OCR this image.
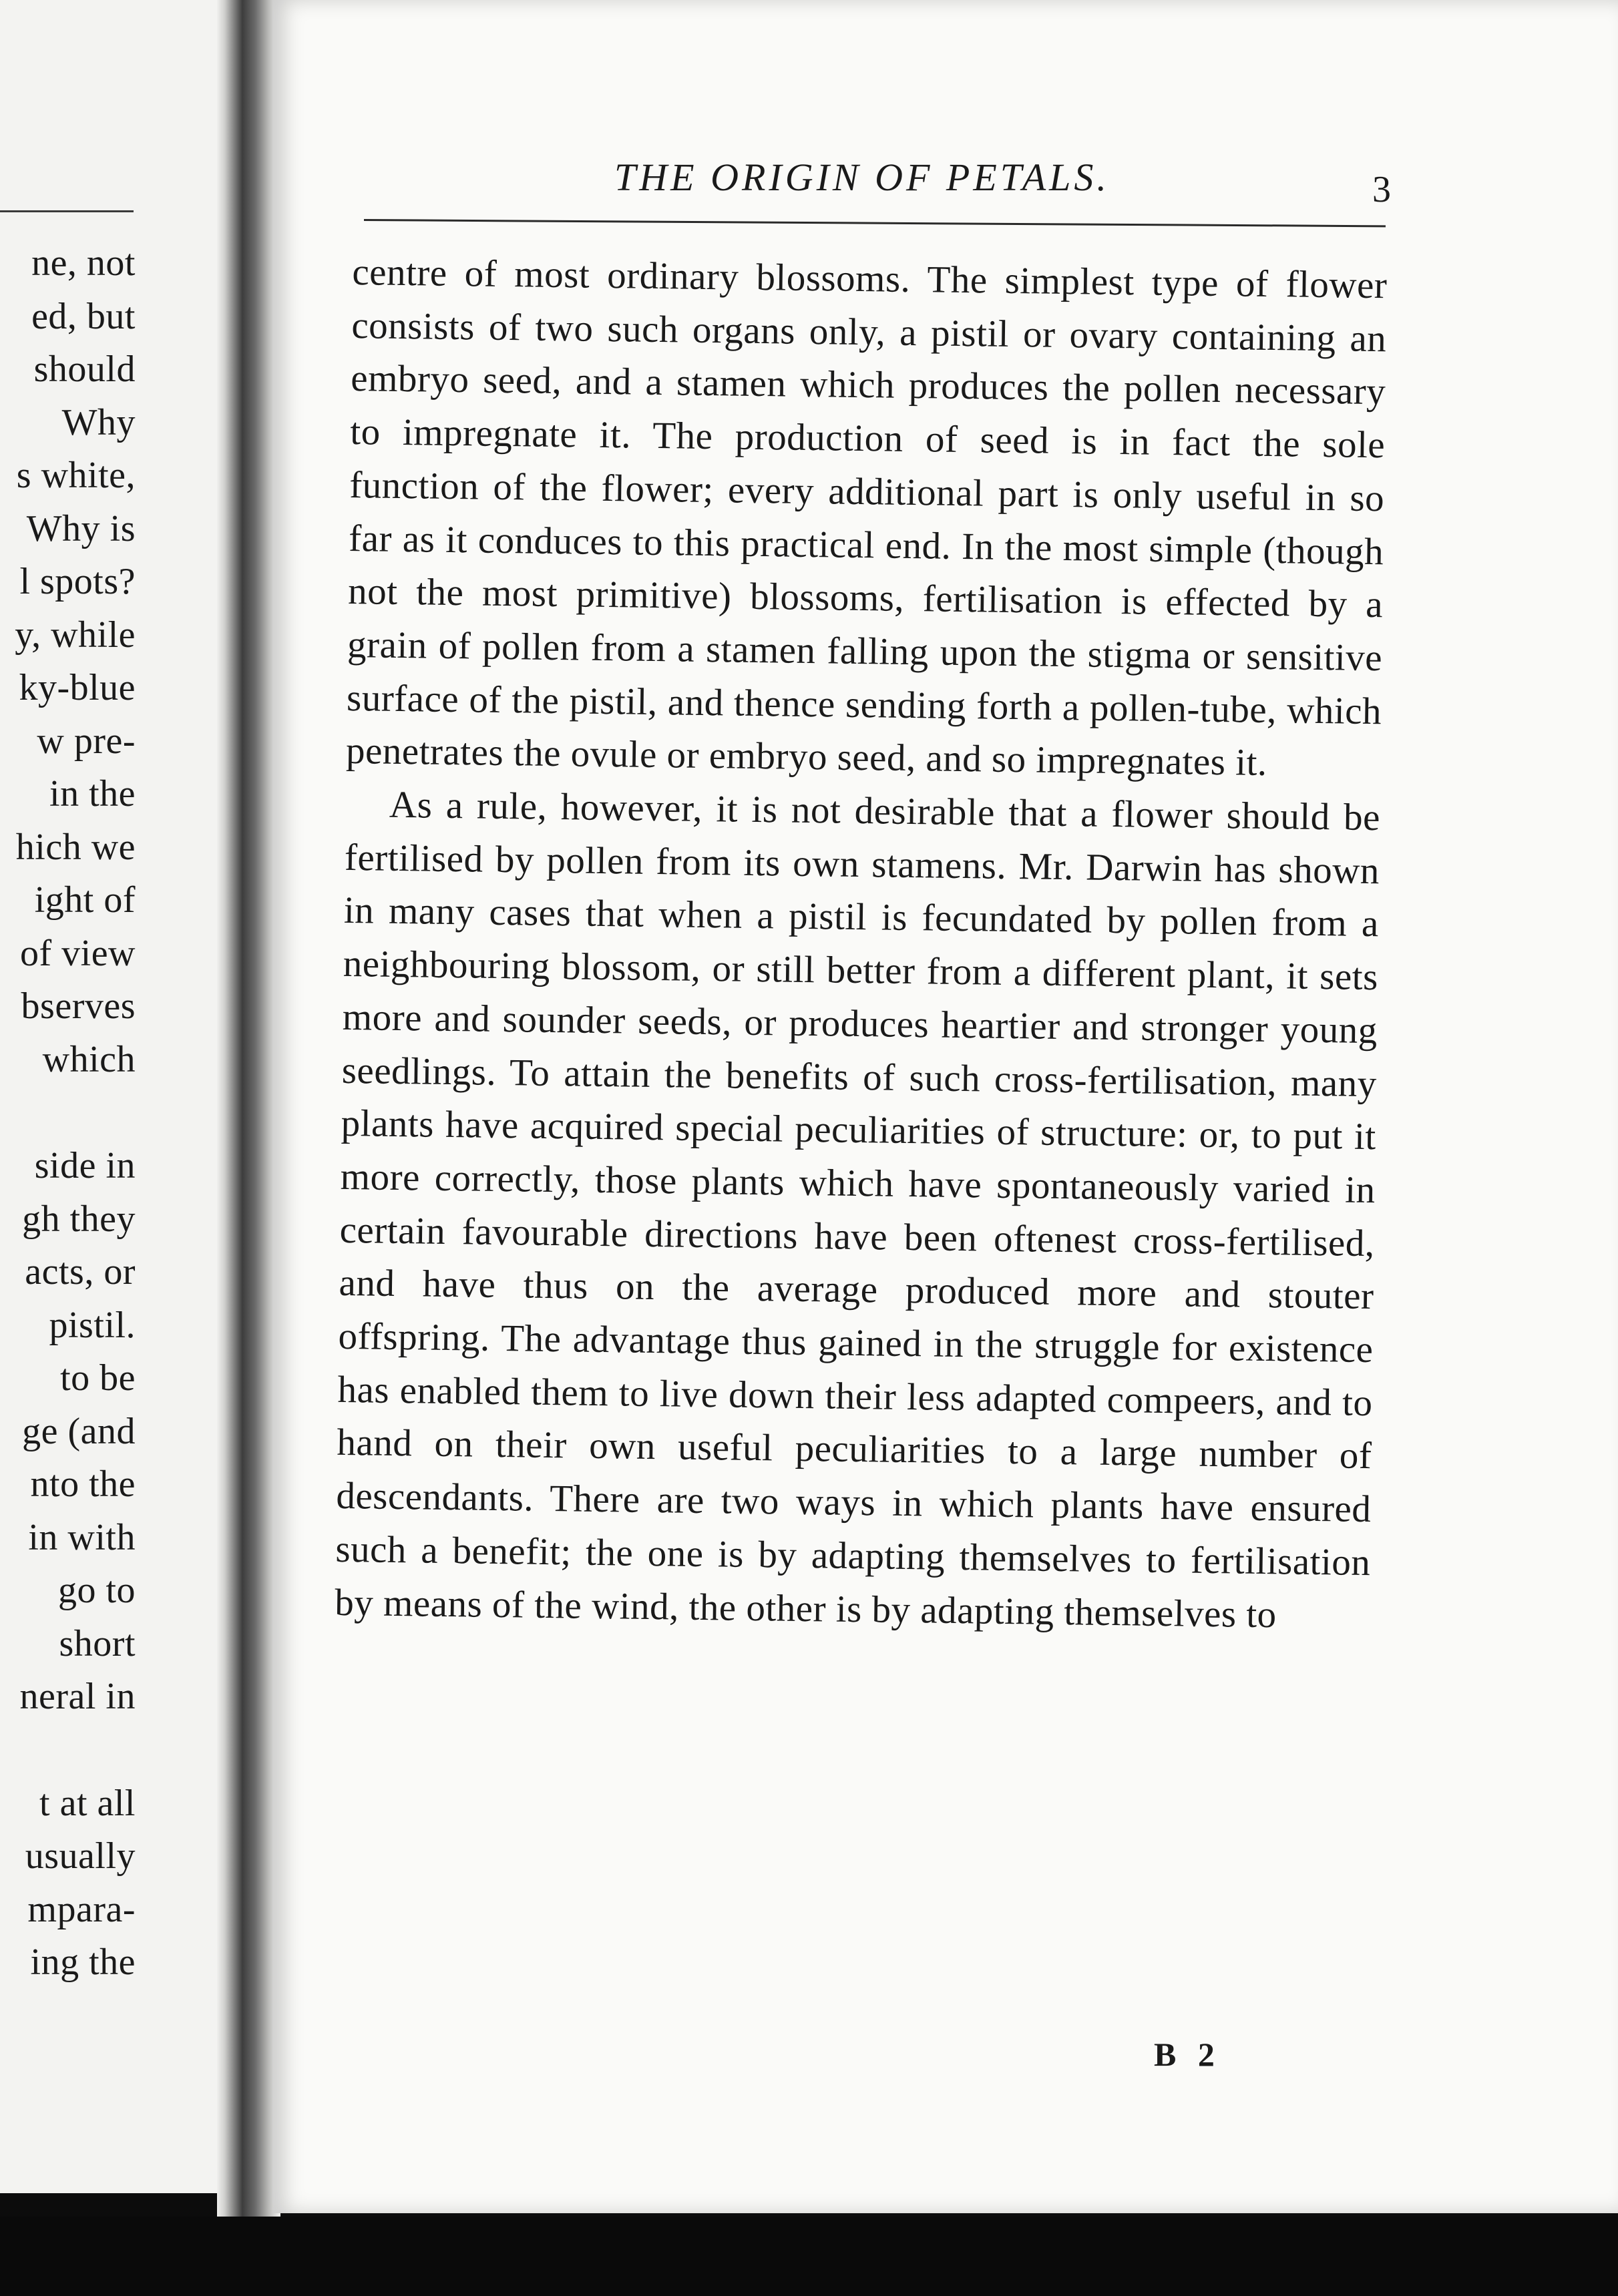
ne, not
ed, but
should
Why
s white,
Why is
l spots?
y, while
ky-blue
w pre-
in the
hich we
ight of
of view
bserves
which
side in
gh they
acts, or
pistil.
to be
ge (and
nto the
in with
go to
short
neral in
t at all
usually
mpara-
ing the
THE ORIGIN OF PETALS.	3

centre of most ordinary blossoms. The simplest type of flower consists of two such organs only, a pistil or ovary containing an embryo seed, and a stamen which produces the pollen necessary to impregnate it. The production of seed is in fact the sole function of the flower; every additional part is only useful in so far as it conduces to this practical end. In the most simple (though not the most primitive) blossoms, fertilisation is effected by a grain of pollen from a stamen falling upon the stigma or sensitive surface of the pistil, and thence sending forth a pollen-tube, which penetrates the ovule or embryo seed, and so impregnates it.

As a rule, however, it is not desirable that a flower should be fertilised by pollen from its own stamens. Mr. Darwin has shown in many cases that when a pistil is fecundated by pollen from a neighbouring blossom, or still better from a different plant, it sets more and sounder seeds, or produces heartier and stronger young seedlings. To attain the benefits of such cross-fertilisation, many plants have acquired special peculiarities of structure: or, to put it more correctly, those plants which have spontaneously varied in certain favourable directions have been oftenest cross-fertilised, and have thus on the average produced more and stouter offspring. The advantage thus gained in the struggle for existence has enabled them to live down their less adapted compeers, and to hand on their own useful peculiarities to a large number of descendants. There are two ways in which plants have ensured such a benefit; the one is by adapting themselves to fertilisation by means of the wind, the other is by adapting themselves to

B 2
